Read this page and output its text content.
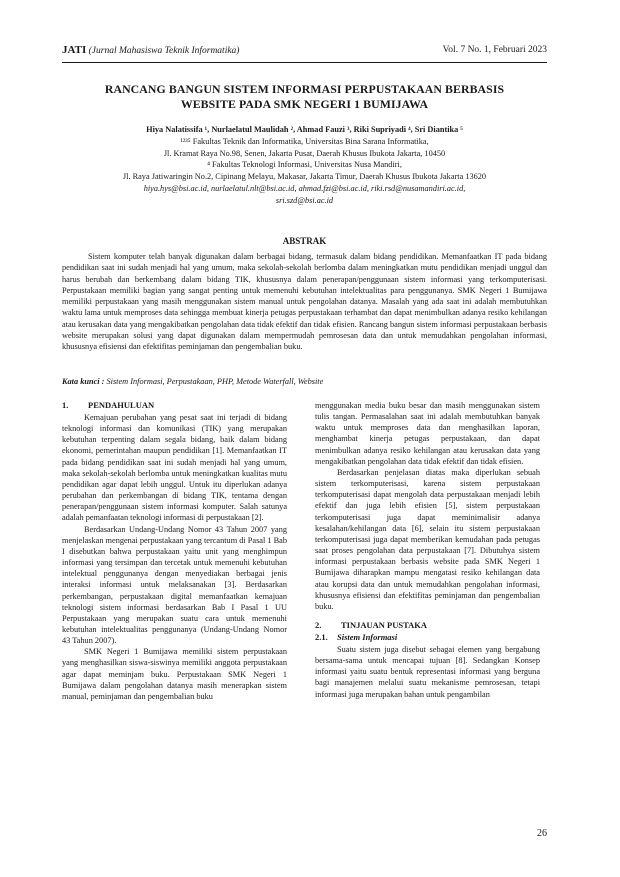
JATI (Jurnal Mahasiswa Teknik Informatika)	Vol. 7 No. 1, Februari 2023
RANCANG BANGUN SISTEM INFORMASI PERPUSTAKAAN BERBASIS
WEBSITE PADA SMK NEGERI 1 BUMIJAWA
Hiya Nalatissifa ¹, Nurlaelatul Maulidah ², Ahmad Fauzi ³, Riki Supriyadi ⁴, Sri Diantika ⁵
¹²³⁵ Fakultas Teknik dan Informatika, Universitas Bina Sarana Informatika,
Jl. Kramat Raya No.98, Senen, Jakarta Pusat, Daerah Khusus Ibukota Jakarta, 10450
⁴ Fakultas Teknologi Informasi, Universitas Nusa Mandiri,
Jl. Raya Jatiwaringin No.2, Cipinang Melayu, Makasar, Jakarta Timur, Daerah Khusus Ibukota Jakarta 13620
hiya.hys@bsi.ac.id, nurlaelatul.nlt@bsi.ac.id, ahmad.fzi@bsi.ac.id, riki.rsd@nusamandiri.ac.id,
sri.szd@bsi.ac.id
ABSTRAK

Sistem komputer telah banyak digunakan dalam berbagai bidang, termasuk dalam bidang pendidikan. Memanfaatkan IT pada bidang pendidikan saat ini sudah menjadi hal yang umum, maka sekolah-sekolah berlomba dalam meningkatkan mutu pendidikan menjadi unggul dan harus berubah dan berkembang dalam bidang TIK, khususnya dalam penerapan/penggunaan sistem informasi yang terkomputerisasi. Perpustakaan memiliki bagian yang sangat penting untuk memenuhi kebutuhan intelektualitas para penggunanya. SMK Negeri 1 Bumijawa memiliki perpustakaan yang masih menggunakan sistem manual untuk pengolahan datanya. Masalah yang ada saat ini adalah membutuhkan waktu lama untuk memproses data sehingga membuat kinerja petugas perpustakaan terhambat dan dapat menimbulkan adanya resiko kehilangan atau kerusakan data yang mengakibatkan pengolahan data tidak efektif dan tidak efisien. Rancang bangun sistem informasi perpustakaan berbasis website merupakan solusi yang dapat digunakan dalam mempermudah pemrosesan data dan untuk memudahkan pengolahan informasi, khususnya efisiensi dan efektifitas peminjaman dan pengembalian buku.

Kata kunci : Sistem Informasi, Perpustakaan, PHP, Metode Waterfall, Website
1. PENDAHULUAN

Kemajuan perubahan yang pesat saat ini terjadi di bidang teknologi informasi dan komunikasi (TIK) yang merupakan kebutuhan terpenting dalam segala bidang, baik dalam bidang ekonomi, pemerintahan maupun pendidikan [1]. Memanfaatkan IT pada bidang pendidikan saat ini sudah menjadi hal yang umum, maka sekolah-sekolah berlomba untuk meningkatkan kualitas mutu pendidikan agar dapat lebih unggul. Untuk itu diperlukan adanya perubahan dan perkembangan di bidang TIK, tentama dengan penerapan/penggunaan sistem informasi komputer. Salah satunya adalah pemanfaatan teknologi informasi di perpustakaan [2].

Berdasarkan Undang-Undang Nomor 43 Tahun 2007 yang menjelaskan mengenai perpustakaan yang tercantum di Pasal 1 Bab I disebutkan bahwa perpustakaan yaitu unit yang menghimpun informasi yang tersimpan dan tercetak untuk memenuhi kebutuhan intelektual penggunanya dengan menyediakan berbagai jenis interaksi informasi untuk melaksanakan [3]. Berdasarkan perkembangan, perpustakaan digital memanfaatkan kemajuan teknologi sistem informasi berdasarkan Bab I Pasal 1 UU Perpustakaan yang merupakan suatu cara untuk memenuhi kebutuhan intelektualitas penggunanya (Undang-Undang Nomor 43 Tahun 2007).

SMK Negeri 1 Bumijawa memiliki sistem perpustakaan yang menghasilkan siswa-siswinya memiliki anggota perpustakaan agar dapat meminjam buku. Perpustakaan SMK Negeri 1 Bumijawa dalam pengolahan datanya masih menerapkan sistem manual, peminjaman dan pengembalian buku

menggunakan media buku besar dan masih menggunakan sistem tulis tangan. Permasalahan saat ini adalah membutuhkan banyak waktu untuk memproses data dan menghasilkan laporan, menghambat kinerja petugas perpustakaan, dan dapat menimbulkan adanya resiko kehilangan atau kerusakan data yang mengakibatkan pengolahan data tidak efektif dan tidak efisien.

Berdasarkan penjelasan diatas maka diperlukan sebuah sistem terkomputerisasi, karena sistem perpustakaan terkomputerisasi dapat mengolah data perpustakaan menjadi lebih efektif dan juga lebih efisien [5], sistem perpustakaan terkomputerisasi juga dapat meminimalisir adanya kesalahan/kehilangan data [6], selain itu sistem perpustakaan terkomputerisasi juga dapat memberikan kemudahan pada petugas saat proses pengolahan data perpustakaan [7]. Dibutuhya sistem informasi perpustakaan berbasis website pada SMK Negeri 1 Bumijawa diharapkan mampu mengatasi resiko kehilangan data atau korupsi data dan untuk memudahkan pengolahan informasi, khususnya efisiensi dan efektifitas peminjaman dan pengembalian buku.

2. TINJAUAN PUSTAKA
2.1. Sistem Informasi

Suatu sistem juga disebut sebagai elemen yang bergabung bersama-sama untuk mencapai tujuan [8]. Sedangkan Konsep informasi yaitu suatu bentuk representasi informasi yang berguna bagi manajemen melalui suatu mekanisme pemrosesan, tetapi informasi juga merupakan bahan untuk pengambilan

26
